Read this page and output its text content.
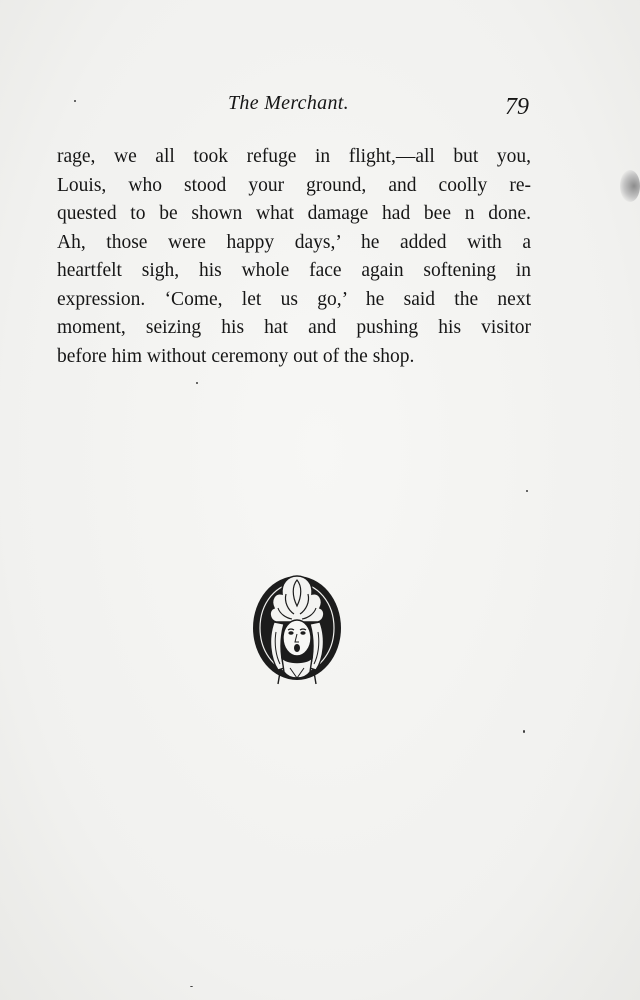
The Merchant.	79
rage, we all took refuge in flight,—all but you,
Louis, who stood your ground, and coolly re-
quested to be shown what damage had bee n done.
Ah, those were happy days,’ he added with a
heartfelt sigh, his whole face again softening in
expression. ‘Come, let us go,’ he said the next
moment, seizing his hat and pushing his visitor
before him without ceremony out of the shop.
